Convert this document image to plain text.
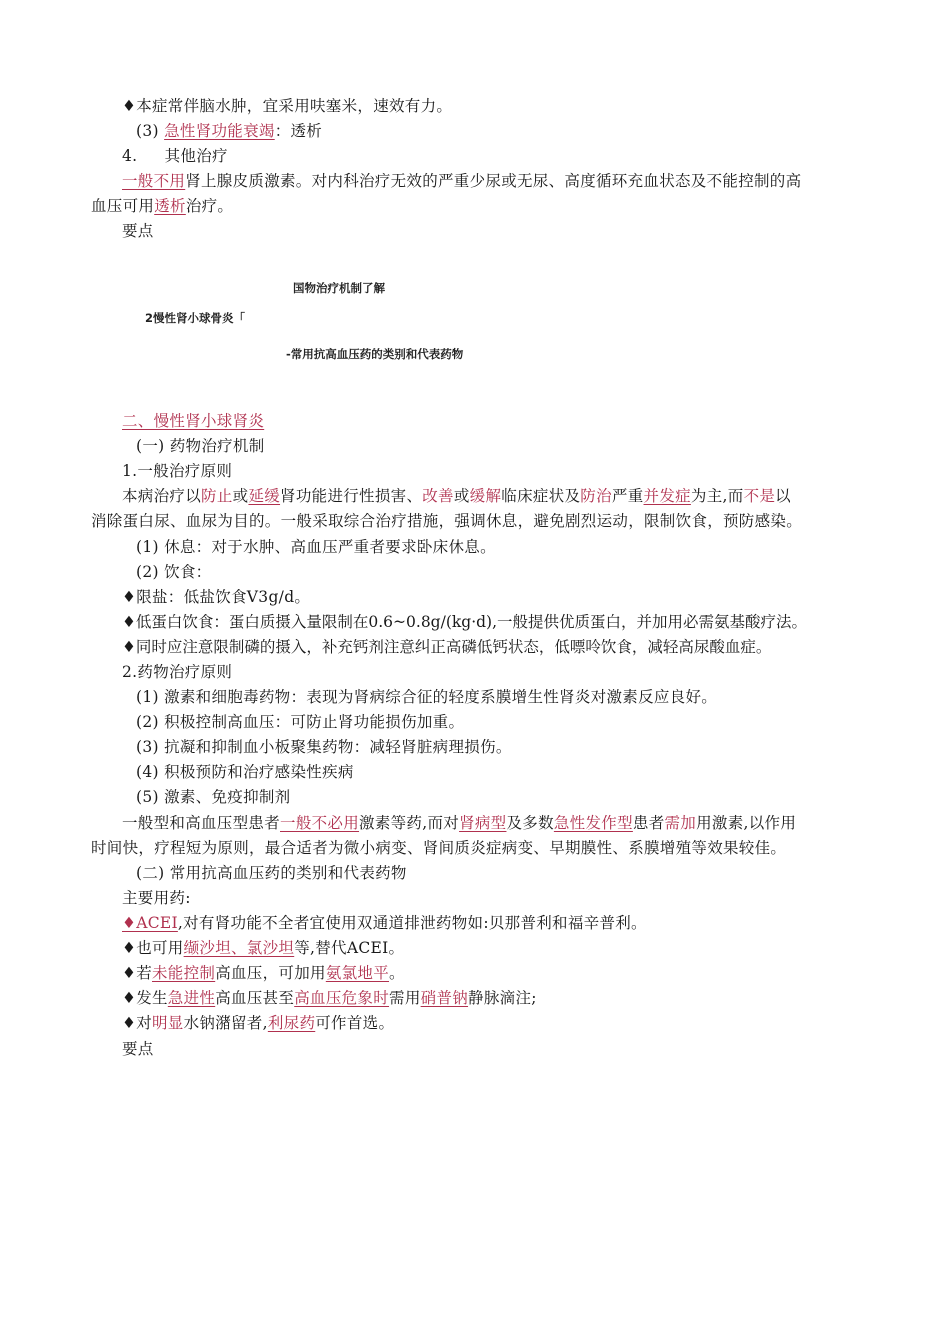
♦本症常伴脑水肿，宜采用呋塞米，速效有力。
(3) 急性肾功能衰竭：透析
4. 其他治疗
一般不用肾上腺皮质激素。对内科治疗无效的严重少尿或无尿、高度循环充血状态及不能控制的高
血压可用透析治疗。
要点
国物治疗机制了解
2慢性肾小球骨炎「
-常用抗高血压药的类别和代表药物
二、慢性肾小球肾炎
(一) 药物治疗机制
1.一般治疗原则
本病治疗以防止或延缓肾功能进行性损害、改善或缓解临床症状及防治严重并发症为主,而不是以
消除蛋白尿、血尿为目的。一般采取综合治疗措施，强调休息，避免剧烈运动，限制饮食，预防感染。
(1) 休息：对于水肿、高血压严重者要求卧床休息。
(2) 饮食：
♦限盐：低盐饮食V3g/d。
♦低蛋白饮食：蛋白质摄入量限制在0.6~0.8g/(kg·d),一般提供优质蛋白，并加用必需氨基酸疗法。
♦同时应注意限制磷的摄入，补充钙剂注意纠正高磷低钙状态，低嘌呤饮食，减轻高尿酸血症。
2.药物治疗原则
(1) 激素和细胞毒药物：表现为肾病综合征的轻度系膜增生性肾炎对激素反应良好。
(2) 积极控制高血压：可防止肾功能损伤加重。
(3) 抗凝和抑制血小板聚集药物：减轻肾脏病理损伤。
(4) 积极预防和治疗感染性疾病
(5) 激素、免疫抑制剂
一般型和高血压型患者一般不必用激素等药,而对肾病型及多数急性发作型患者需加用激素,以作用
时间快，疗程短为原则，最合适者为微小病变、肾间质炎症病变、早期膜性、系膜增殖等效果较佳。
(二) 常用抗高血压药的类别和代表药物
主要用药:
♦ACEI,对有肾功能不全者宜使用双通道排泄药物如:贝那普利和福辛普利。
♦也可用缬沙坦、氯沙坦等,替代ACEI。
♦若未能控制高血压，可加用氨氯地平。
♦发生急进性高血压甚至高血压危象时需用硝普钠静脉滴注;
♦对明显水钠潴留者,利尿药可作首选。
要点
